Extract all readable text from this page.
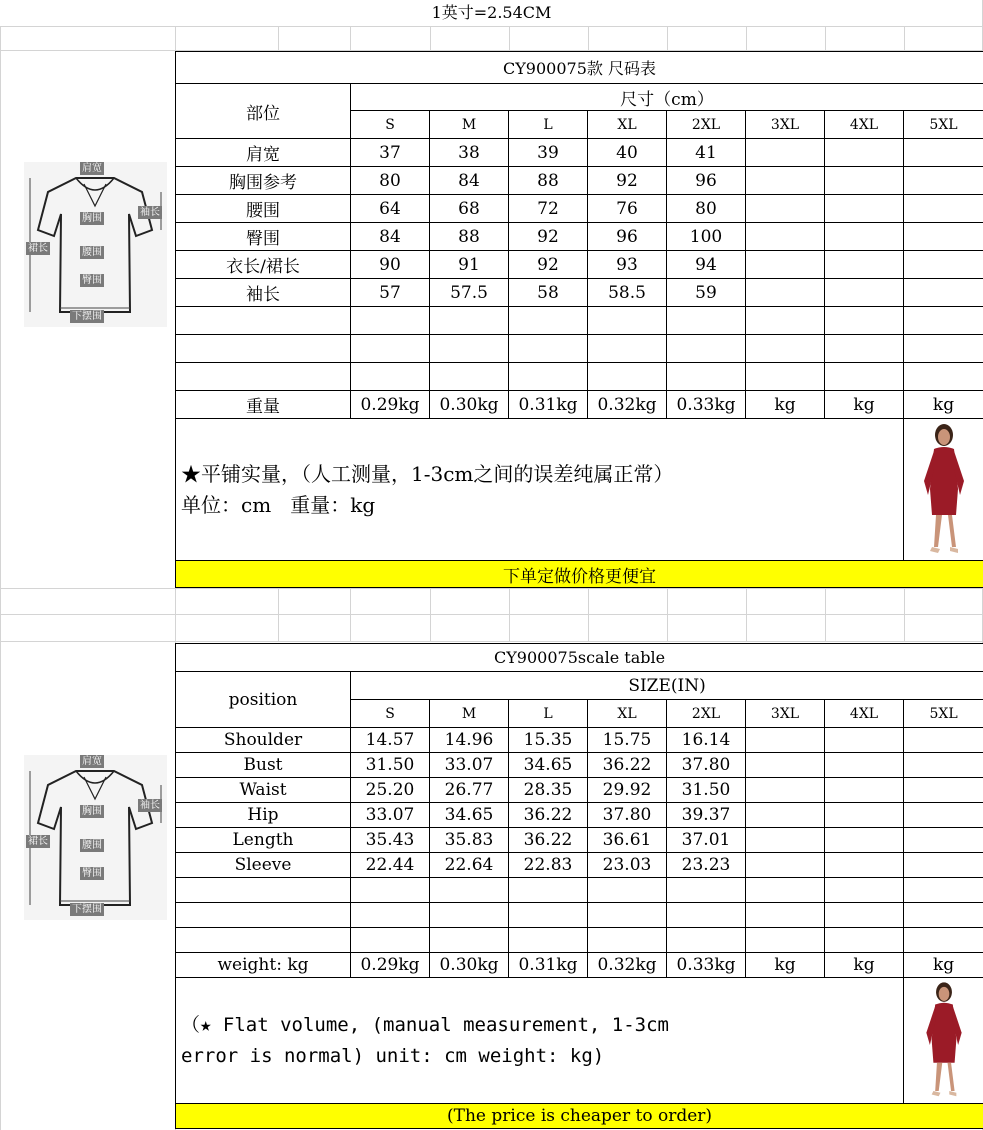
1英寸=2.54CM
肩宽
袖长
胸围
裙长	腰围
臀围
下摆围
CY900075款 尺码表								
部位	尺寸（cm）							
	S	M	L	XL	2XL	3XL	4XL	5XL
肩宽	37	38	39	40	41			
胸围参考	80	84	88	92	96			
腰围	64	68	72	76	80			
臀围	84	88	92	96	100			
衣长/裙长	90	91	92	93	94			
袖长	57	57.5	58	58.5	59			

重量	0.29kg	0.30kg	0.31kg	0.32kg	0.33kg	kg	kg	kg

★平铺实量，（人工测量，1-3cm之间的误差纯属正常）
单位：cm   重量：kg

下单定做价格更便宜								
肩宽
袖长
胸围
裙长	腰围
臀围
下摆围
CY900075scale table								
position	SIZE(IN)							
	S	M	L	XL	2XL	3XL	4XL	5XL
Shoulder	14.57	14.96	15.35	15.75	16.14			
Bust	31.50	33.07	34.65	36.22	37.80			
Waist	25.20	26.77	28.35	29.92	31.50			
Hip	33.07	34.65	36.22	37.80	39.37			
Length	35.43	35.83	36.22	36.61	37.01			
Sleeve	22.44	22.64	22.83	23.03	23.23			

weight: kg	0.29kg	0.30kg	0.31kg	0.32kg	0.33kg	kg	kg	kg

（★ Flat volume, (manual measurement, 1-3cm
error is normal) unit: cm weight: kg)

(The price is cheaper to order)								
